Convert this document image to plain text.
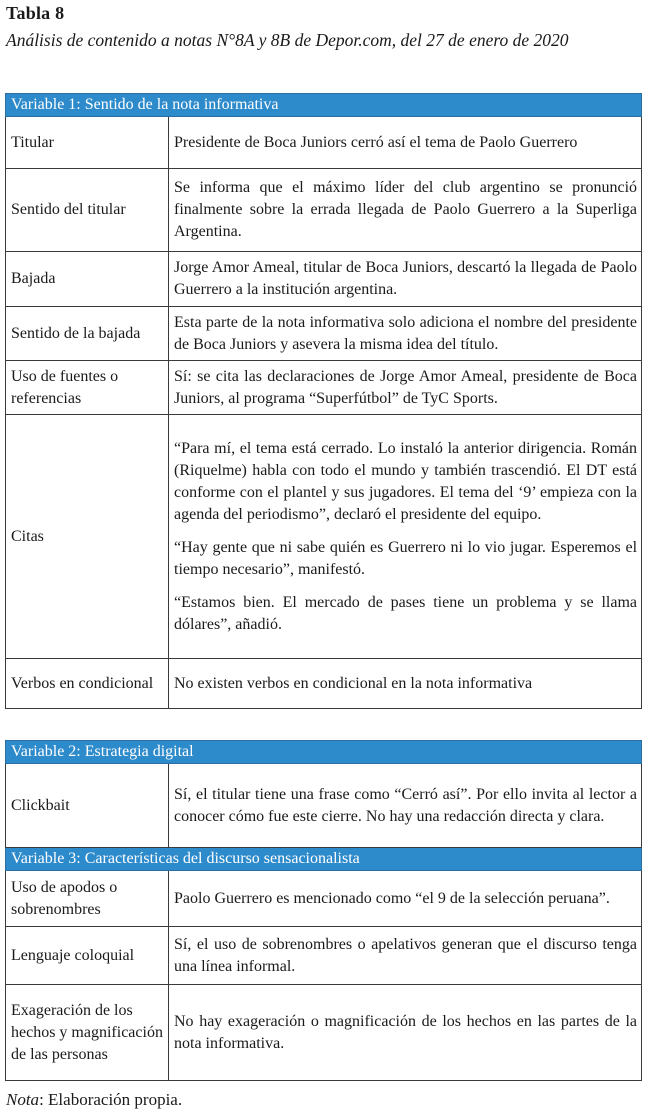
Tabla 8
Análisis de contenido a notas N°8A y 8B de Depor.com, del 27 de enero de 2020
Variable 1: Sentido de la nota informativa	
Titular	Presidente de Boca Juniors cerró así el tema de Paolo Guerrero
Sentido del titular	Se informa que el máximo líder del club argentino se pronunció finalmente sobre la errada llegada de Paolo Guerrero a la Superliga Argentina.
Bajada	Jorge Amor Ameal, titular de Boca Juniors, descartó la llegada de Paolo Guerrero a la institución argentina.
Sentido de la bajada	Esta parte de la nota informativa solo adiciona el nombre del presidente de Boca Juniors y asevera la misma idea del título.
Uso de fuentes o referencias	Sí: se cita las declaraciones de Jorge Amor Ameal, presidente de Boca Juniors, al programa “Superfútbol” de TyC Sports.
Citas	“Para mí, el tema está cerrado. Lo instaló la anterior dirigencia. Román (Riquelme) habla con todo el mundo y también trascendió. El DT está conforme con el plantel y sus jugadores. El tema del ‘9’ empieza con la agenda del periodismo”, declaró el presidente del equipo.

“Hay gente que ni sabe quién es Guerrero ni lo vio jugar. Esperemos el tiempo necesario”, manifestó.

“Estamos bien. El mercado de pases tiene un problema y se llama dólares”, añadió.

Verbos en condicional	No existen verbos en condicional en la nota informativa
Variable 2: Estrategia digital	
Clickbait	Sí, el titular tiene una frase como “Cerró así”. Por ello invita al lector a conocer cómo fue este cierre. No hay una redacción directa y clara.
Variable 3: Características del discurso sensacionalista	
Uso de apodos o sobrenombres	Paolo Guerrero es mencionado como “el 9 de la selección peruana”.
Lenguaje coloquial	Sí, el uso de sobrenombres o apelativos generan que el discurso tenga una línea informal.
Exageración de los hechos y magnificación de las personas	No hay exageración o magnificación de los hechos en las partes de la nota informativa.
Nota: Elaboración propia.
